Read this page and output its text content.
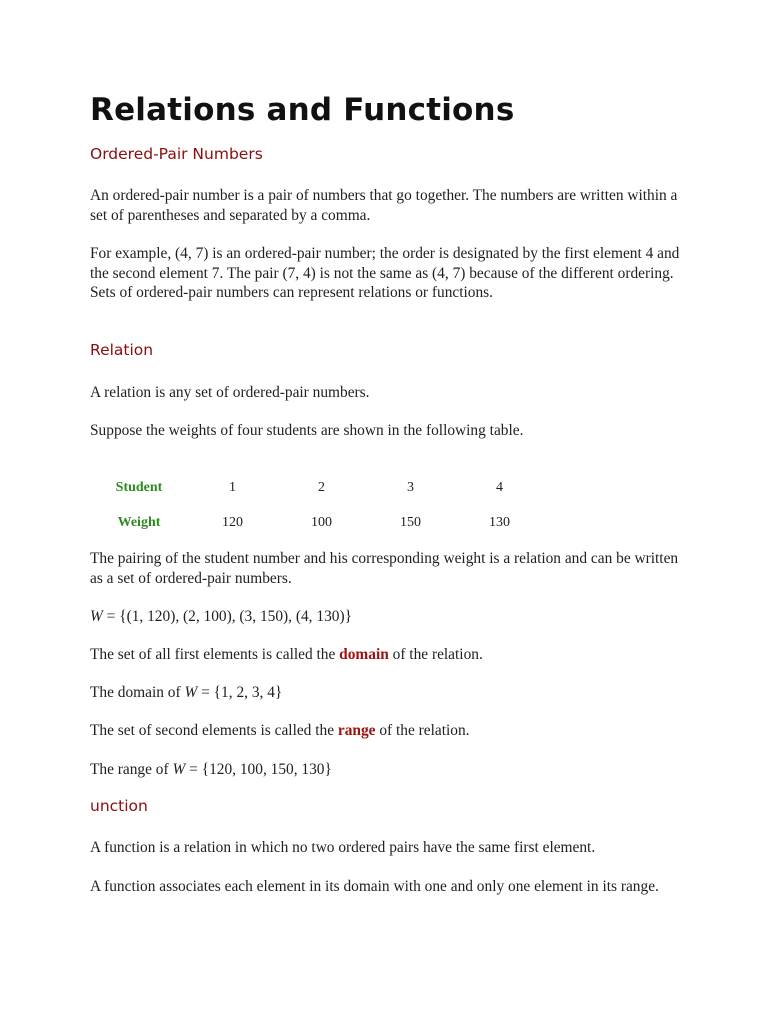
Relations and Functions
Ordered-Pair Numbers

An ordered-pair number is a pair of numbers that go together. The numbers are written within a set of parentheses and separated by a comma.

For example, (4, 7) is an ordered-pair number; the order is designated by the first element 4 and the second element 7. The pair (7, 4) is not the same as (4, 7) because of the different ordering. Sets of ordered-pair numbers can represent relations or functions.

Relation

A relation is any set of ordered-pair numbers.

Suppose the weights of four students are shown in the following table.

Student	1	2	3	4
Weight	120	100	150	130

The pairing of the student number and his corresponding weight is a relation and can be written as a set of ordered-pair numbers.

W = {(1, 120), (2, 100), (3, 150), (4, 130)}

The set of all first elements is called the domain of the relation.

The domain of W = {1, 2, 3, 4}

The set of second elements is called the range of the relation.

The range of W = {120, 100, 150, 130}

unction

A function is a relation in which no two ordered pairs have the same first element.

A function associates each element in its domain with one and only one element in its range.
